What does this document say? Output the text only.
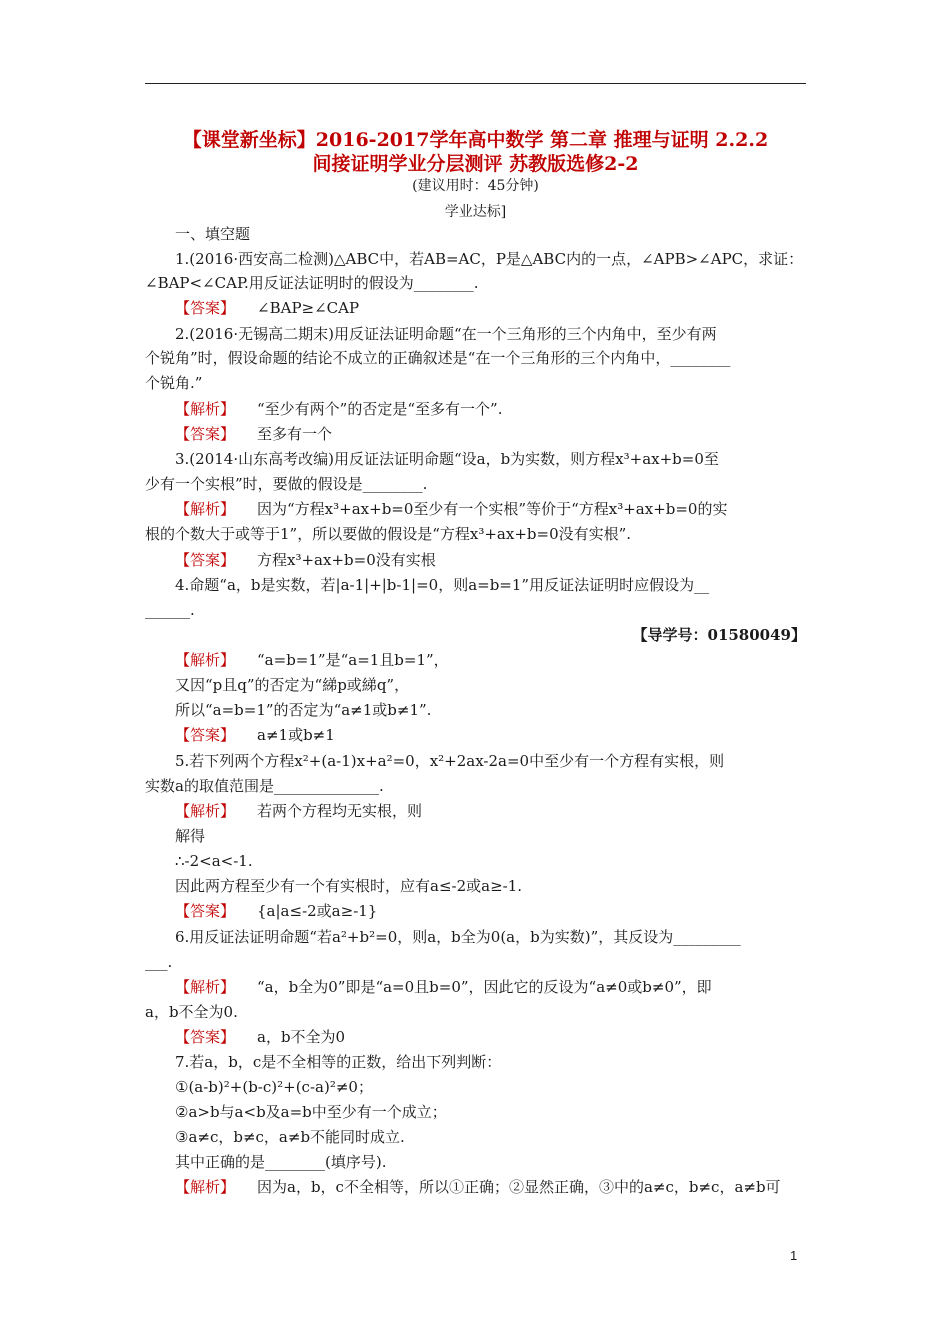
【课堂新坐标】2016-2017学年高中数学 第二章 推理与证明 2.2.2
间接证明学业分层测评 苏教版选修2-2
(建议用时：45分钟)
学业达标]
一、填空题
1.(2016·西安高二检测)△ABC中，若AB=AC，P是△ABC内的一点，∠APB>∠APC，求证：
∠BAP<∠CAP.用反证法证明时的假设为________.
【答案】 ∠BAP≥∠CAP
2.(2016·无锡高二期末)用反证法证明命题“在一个三角形的三个内角中，至少有两
个锐角”时，假设命题的结论不成立的正确叙述是“在一个三角形的三个内角中，________
个锐角.”
【解析】 “至少有两个”的否定是“至多有一个”.
【答案】 至多有一个
3.(2014·山东高考改编)用反证法证明命题“设a，b为实数，则方程x³+ax+b=0至
少有一个实根”时，要做的假设是________.
【解析】 因为“方程x³+ax+b=0至少有一个实根”等价于“方程x³+ax+b=0的实
根的个数大于或等于1”，所以要做的假设是“方程x³+ax+b=0没有实根”.
【答案】 方程x³+ax+b=0没有实根
4.命题“a，b是实数，若|a-1|+|b-1|=0，则a=b=1”用反证法证明时应假设为__
______.
【导学号：01580049】
【解析】 “a=b=1”是“a=1且b=1”，
又因“p且q”的否定为“綈p或綈q”，
所以“a=b=1”的否定为“a≠1或b≠1”.
【答案】 a≠1或b≠1
5.若下列两个方程x²+(a-1)x+a²=0，x²+2ax-2a=0中至少有一个方程有实根，则
实数a的取值范围是______________.
【解析】 若两个方程均无实根，则
解得
∴-2<a<-1.
因此两方程至少有一个有实根时，应有a≤-2或a≥-1.
【答案】 {a|a≤-2或a≥-1}
6.用反证法证明命题“若a²+b²=0，则a，b全为0(a，b为实数)”，其反设为_________
___.
【解析】 “a，b全为0”即是“a=0且b=0”，因此它的反设为“a≠0或b≠0”，即
a，b不全为0.
【答案】 a，b不全为0
7.若a，b，c是不全相等的正数，给出下列判断：
①(a-b)²+(b-c)²+(c-a)²≠0；
②a>b与a<b及a=b中至少有一个成立；
③a≠c，b≠c，a≠b不能同时成立.
其中正确的是________(填序号).
【解析】 因为a，b，c不全相等，所以①正确；②显然正确，③中的a≠c，b≠c，a≠b可
1
